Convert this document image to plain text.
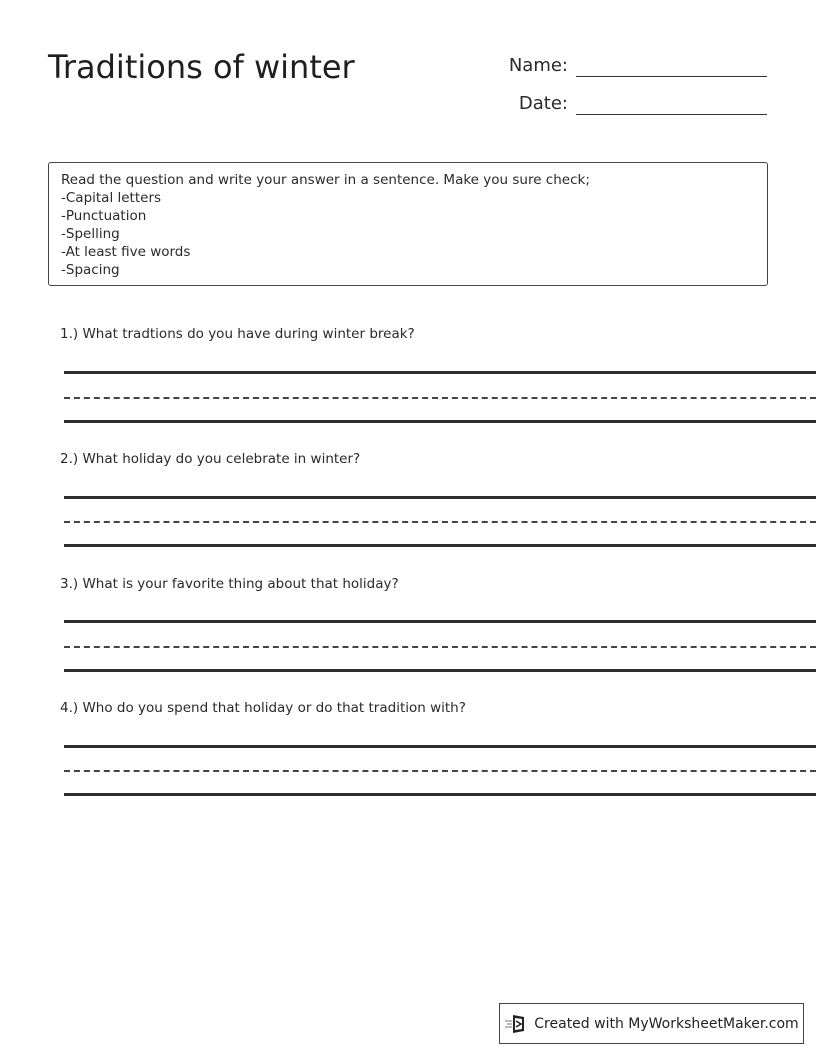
Traditions of winter	Name:
Date:
Read the question and write your answer in a sentence. Make you sure check;
-Capital letters
-Punctuation
-Spelling
-At least five words
-Spacing
1.) What tradtions do you have during winter break?
2.) What holiday do you celebrate in winter?
3.) What is your favorite thing about that holiday?
4.) Who do you spend that holiday or do that tradition with?
Created with MyWorksheetMaker.com
